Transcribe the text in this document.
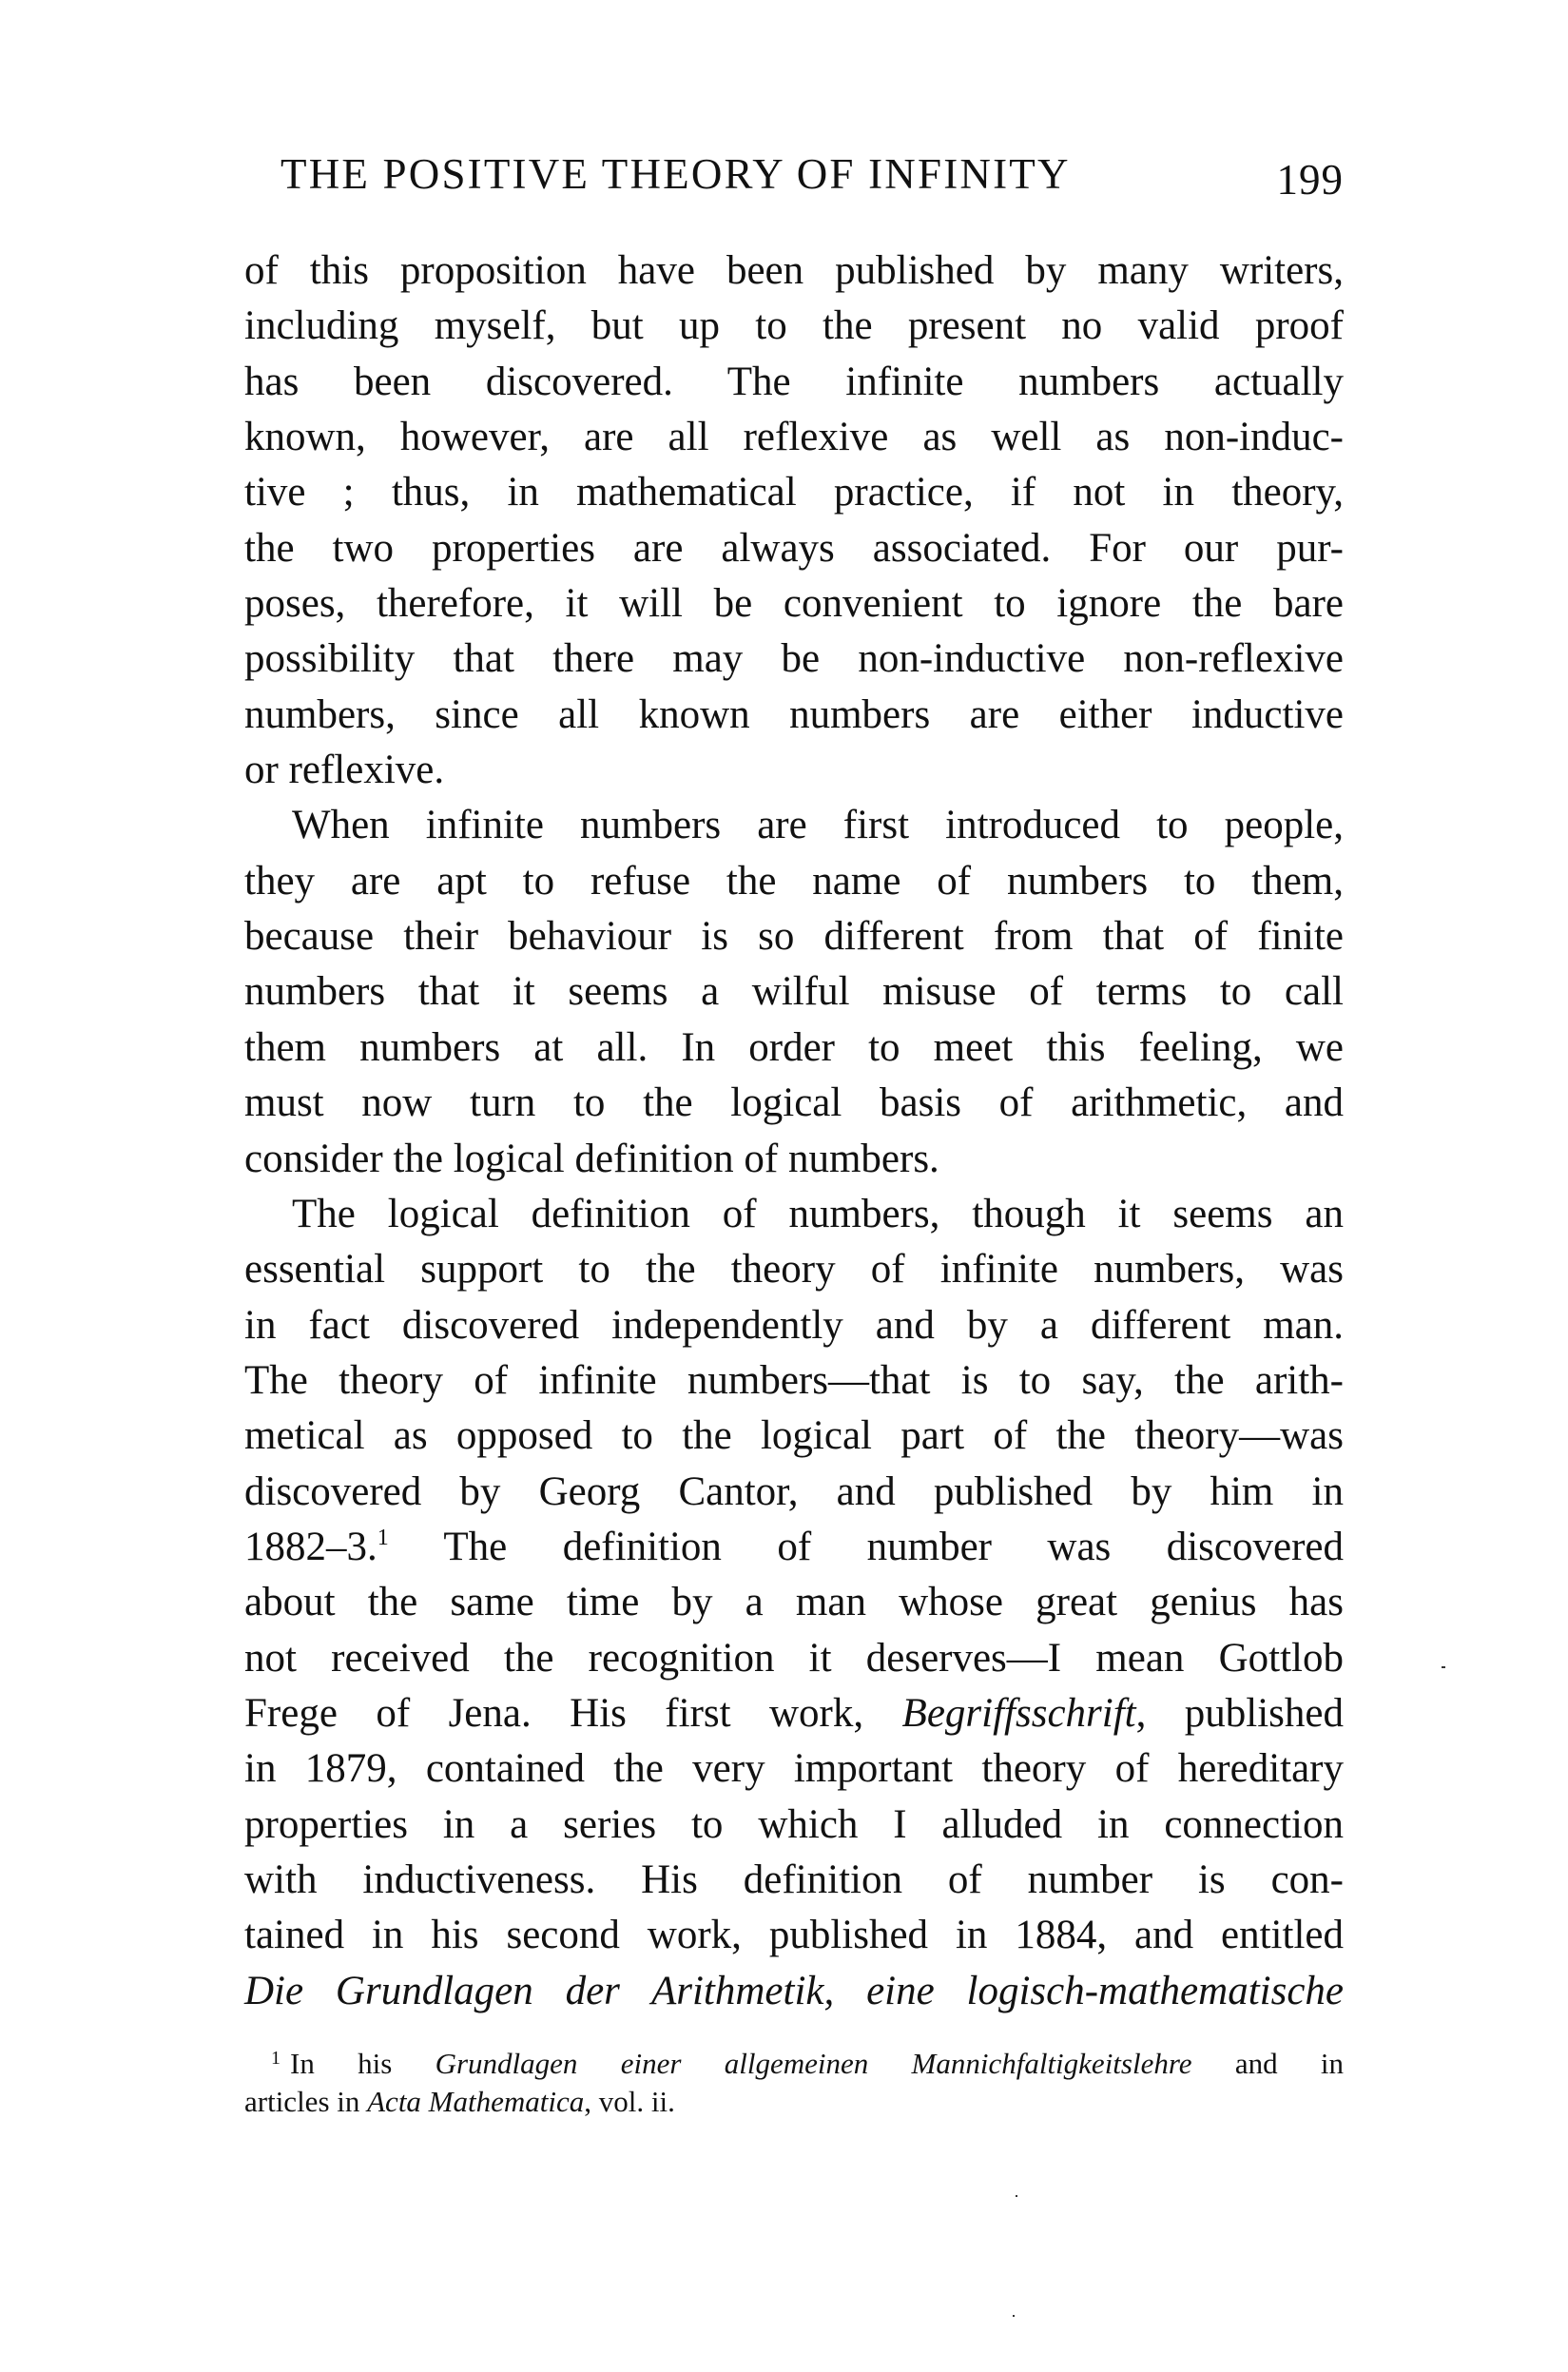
THE POSITIVE THEORY OF INFINITY	199
of this proposition have been published by many writers,
including myself, but up to the present no valid proof
has been discovered. The infinite numbers actually
known, however, are all reflexive as well as non-induc-
tive ; thus, in mathematical practice, if not in theory,
the two properties are always associated. For our pur-
poses, therefore, it will be convenient to ignore the bare
possibility that there may be non-inductive non-reflexive
numbers, since all known numbers are either inductive
or reflexive.
When infinite numbers are first introduced to people,
they are apt to refuse the name of numbers to them,
because their behaviour is so different from that of finite
numbers that it seems a wilful misuse of terms to call
them numbers at all. In order to meet this feeling, we
must now turn to the logical basis of arithmetic, and
consider the logical definition of numbers.
The logical definition of numbers, though it seems an
essential support to the theory of infinite numbers, was
in fact discovered independently and by a different man.
The theory of infinite numbers—that is to say, the arith-
metical as opposed to the logical part of the theory—was
discovered by Georg Cantor, and published by him in
1882–3.$^1$ The definition of number was discovered
about the same time by a man whose great genius has
not received the recognition it deserves—I mean Gottlob
Frege of Jena. His first work, Begriffsschrift, published
in 1879, contained the very important theory of hereditary
properties in a series to which I alluded in connection
with inductiveness. His definition of number is con-
tained in his second work, published in 1884, and entitled
Die Grundlagen der Arithmetik, eine logisch-mathematische
$^1$ In his Grundlagen einer allgemeinen Mannichfaltigkeitslehre and in
articles in Acta Mathematica, vol. ii.
